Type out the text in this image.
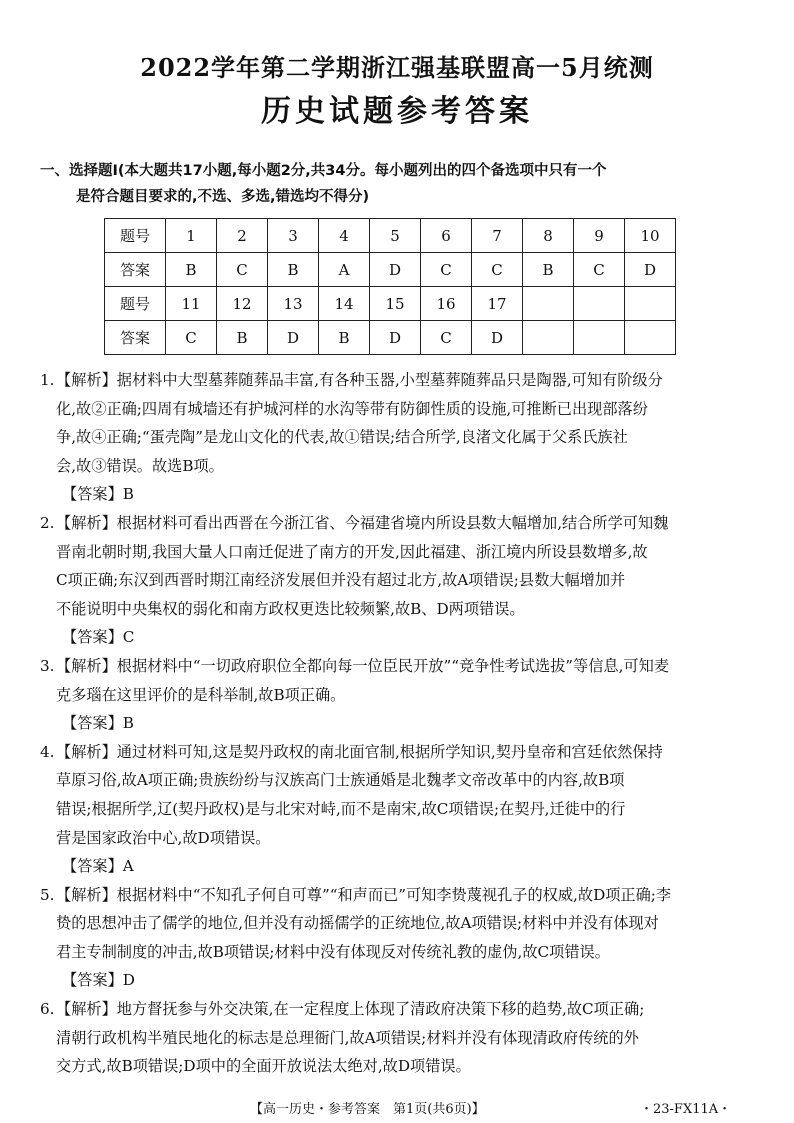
2022学年第二学期浙江强基联盟高一5月统测
历史试题参考答案
一、选择题Ⅰ(本大题共17小题,每小题2分,共34分。每小题列出的四个备选项中只有一个
是符合题目要求的,不选、多选,错选均不得分)
题号	1	2	3	4	5	6	7	8	9	10
答案	B	C	B	A	D	C	C	B	C	D
题号	11	12	13	14	15	16	17			
答案	C	B	D	B	D	C	D			
1.【解析】据材料中大型墓葬随葬品丰富,有各种玉器,小型墓葬随葬品只是陶器,可知有阶级分
化,故②正确;四周有城墙还有护城河样的水沟等带有防御性质的设施,可推断已出现部落纷
争,故④正确;“蛋壳陶”是龙山文化的代表,故①错误;结合所学,良渚文化属于父系氏族社
会,故③错误。故选B项。
【答案】B
2.【解析】根据材料可看出西晋在今浙江省、今福建省境内所设县数大幅增加,结合所学可知魏
晋南北朝时期,我国大量人口南迁促进了南方的开发,因此福建、浙江境内所设县数增多,故
C项正确;东汉到西晋时期江南经济发展但并没有超过北方,故A项错误;县数大幅增加并
不能说明中央集权的弱化和南方政权更迭比较频繁,故B、D两项错误。
【答案】C
3.【解析】根据材料中“一切政府职位全都向每一位臣民开放”“竞争性考试选拔”等信息,可知麦
克多瑙在这里评价的是科举制,故B项正确。
【答案】B
4.【解析】通过材料可知,这是契丹政权的南北面官制,根据所学知识,契丹皇帝和宫廷依然保持
草原习俗,故A项正确;贵族纷纷与汉族高门士族通婚是北魏孝文帝改革中的内容,故B项
错误;根据所学,辽(契丹政权)是与北宋对峙,而不是南宋,故C项错误;在契丹,迁徙中的行
营是国家政治中心,故D项错误。
【答案】A
5.【解析】根据材料中“不知孔子何自可尊”“和声而已”可知李贽蔑视孔子的权威,故D项正确;李
贽的思想冲击了儒学的地位,但并没有动摇儒学的正统地位,故A项错误;材料中并没有体现对
君主专制制度的冲击,故B项错误;材料中没有体现反对传统礼教的虚伪,故C项错误。
【答案】D
6.【解析】地方督抚参与外交决策,在一定程度上体现了清政府决策下移的趋势,故C项正确;
清朝行政机构半殖民地化的标志是总理衙门,故A项错误;材料并没有体现清政府传统的外
交方式,故B项错误;D项中的全面开放说法太绝对,故D项错误。
【高一历史・参考答案　第1页(共6页)】	・23-FX11A・
